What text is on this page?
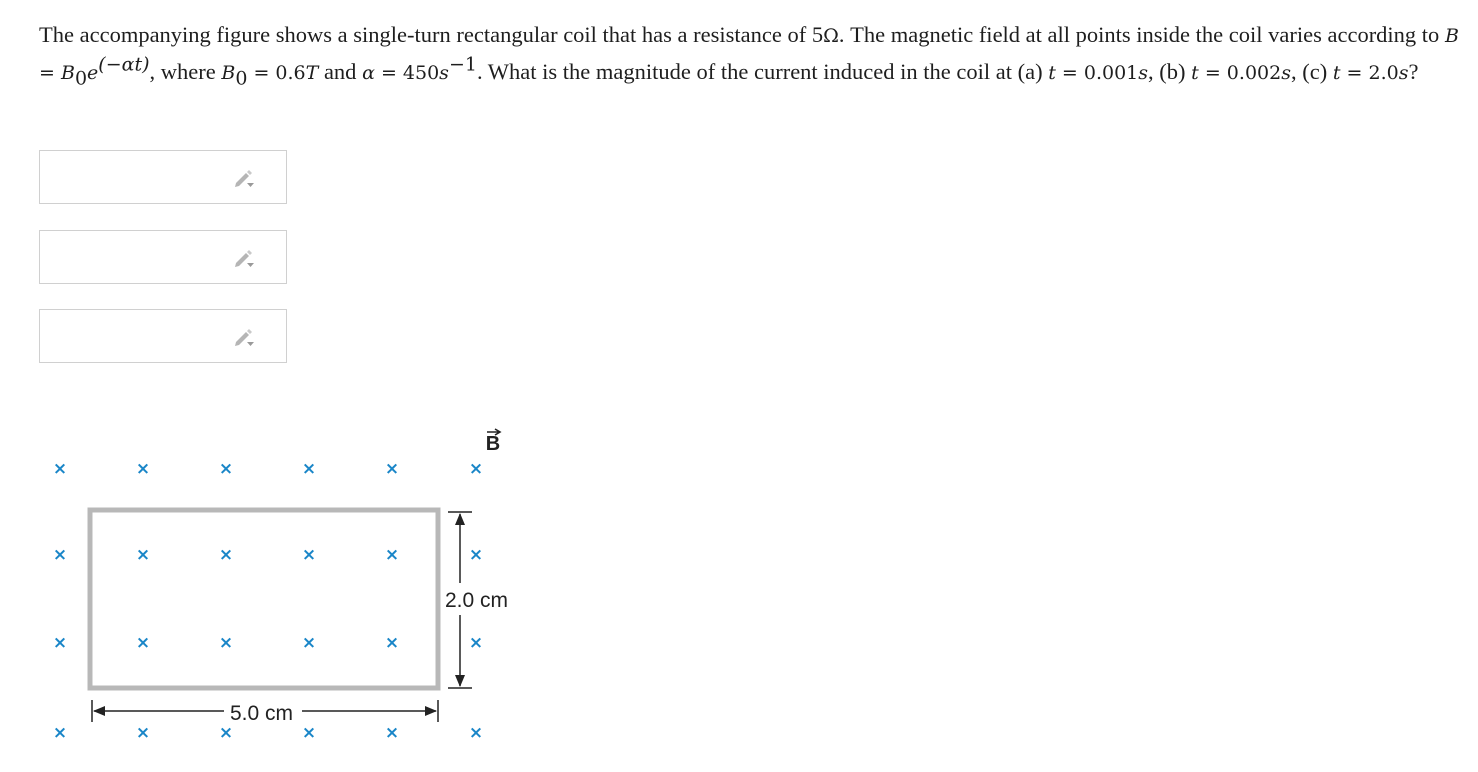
The accompanying figure shows a single-turn rectangular coil that has a resistance of 5Ω. The magnetic field at all points inside the coil varies according to $B = B_0e^{(-\alpha t)}$, where $B_0 = 0.6T$ and $\alpha = 450s^{-1}$. What is the magnitude of the current induced in the coil at (a) t = 0.001s, (b) t = 0.002s, (c) t = 2.0s?

×	×	×	×	×	×
×	×	×	×	×	×
×	×	×	×	×	×
×	×	×	×	×	×
B
2.0 cm
5.0 cm
